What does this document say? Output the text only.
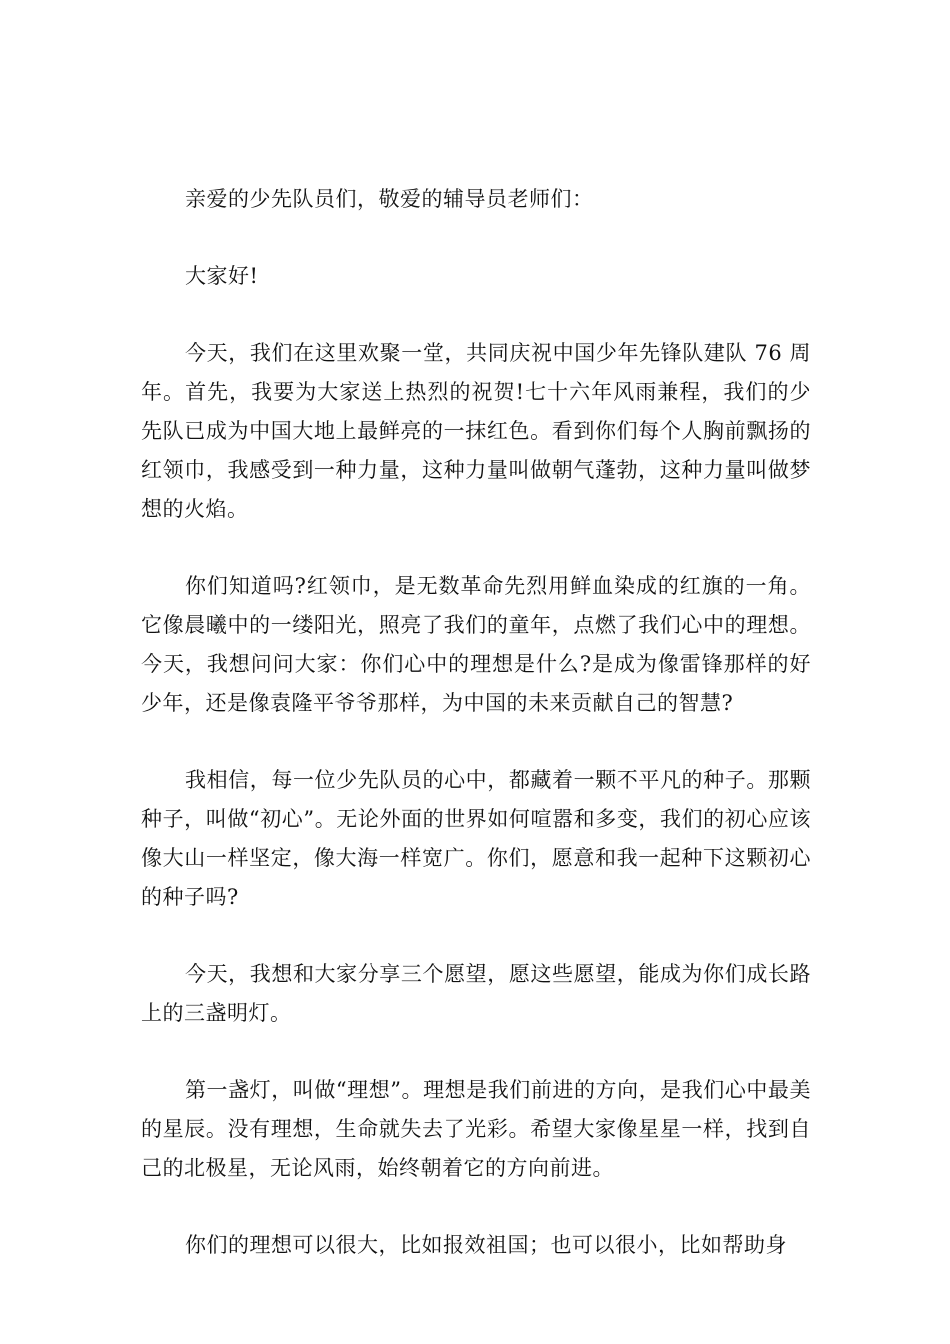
亲爱的少先队员们，敬爱的辅导员老师们：

大家好!

今天，我们在这里欢聚一堂，共同庆祝中国少年先锋队建队 76 周年。首先，我要为大家送上热烈的祝贺!七十六年风雨兼程，我们的少先队已成为中国大地上最鲜亮的一抹红色。看到你们每个人胸前飘扬的红领巾，我感受到一种力量，这种力量叫做朝气蓬勃，这种力量叫做梦想的火焰。

你们知道吗?红领巾，是无数革命先烈用鲜血染成的红旗的一角。它像晨曦中的一缕阳光，照亮了我们的童年，点燃了我们心中的理想。今天，我想问问大家：你们心中的理想是什么?是成为像雷锋那样的好少年，还是像袁隆平爷爷那样，为中国的未来贡献自己的智慧?

我相信，每一位少先队员的心中，都藏着一颗不平凡的种子。那颗种子，叫做“初心”。无论外面的世界如何喧嚣和多变，我们的初心应该像大山一样坚定，像大海一样宽广。你们，愿意和我一起种下这颗初心的种子吗?

今天，我想和大家分享三个愿望，愿这些愿望，能成为你们成长路上的三盏明灯。

第一盏灯，叫做“理想”。理想是我们前进的方向，是我们心中最美的星辰。没有理想，生命就失去了光彩。希望大家像星星一样，找到自己的北极星，无论风雨，始终朝着它的方向前进。

你们的理想可以很大，比如报效祖国；也可以很小，比如帮助身
